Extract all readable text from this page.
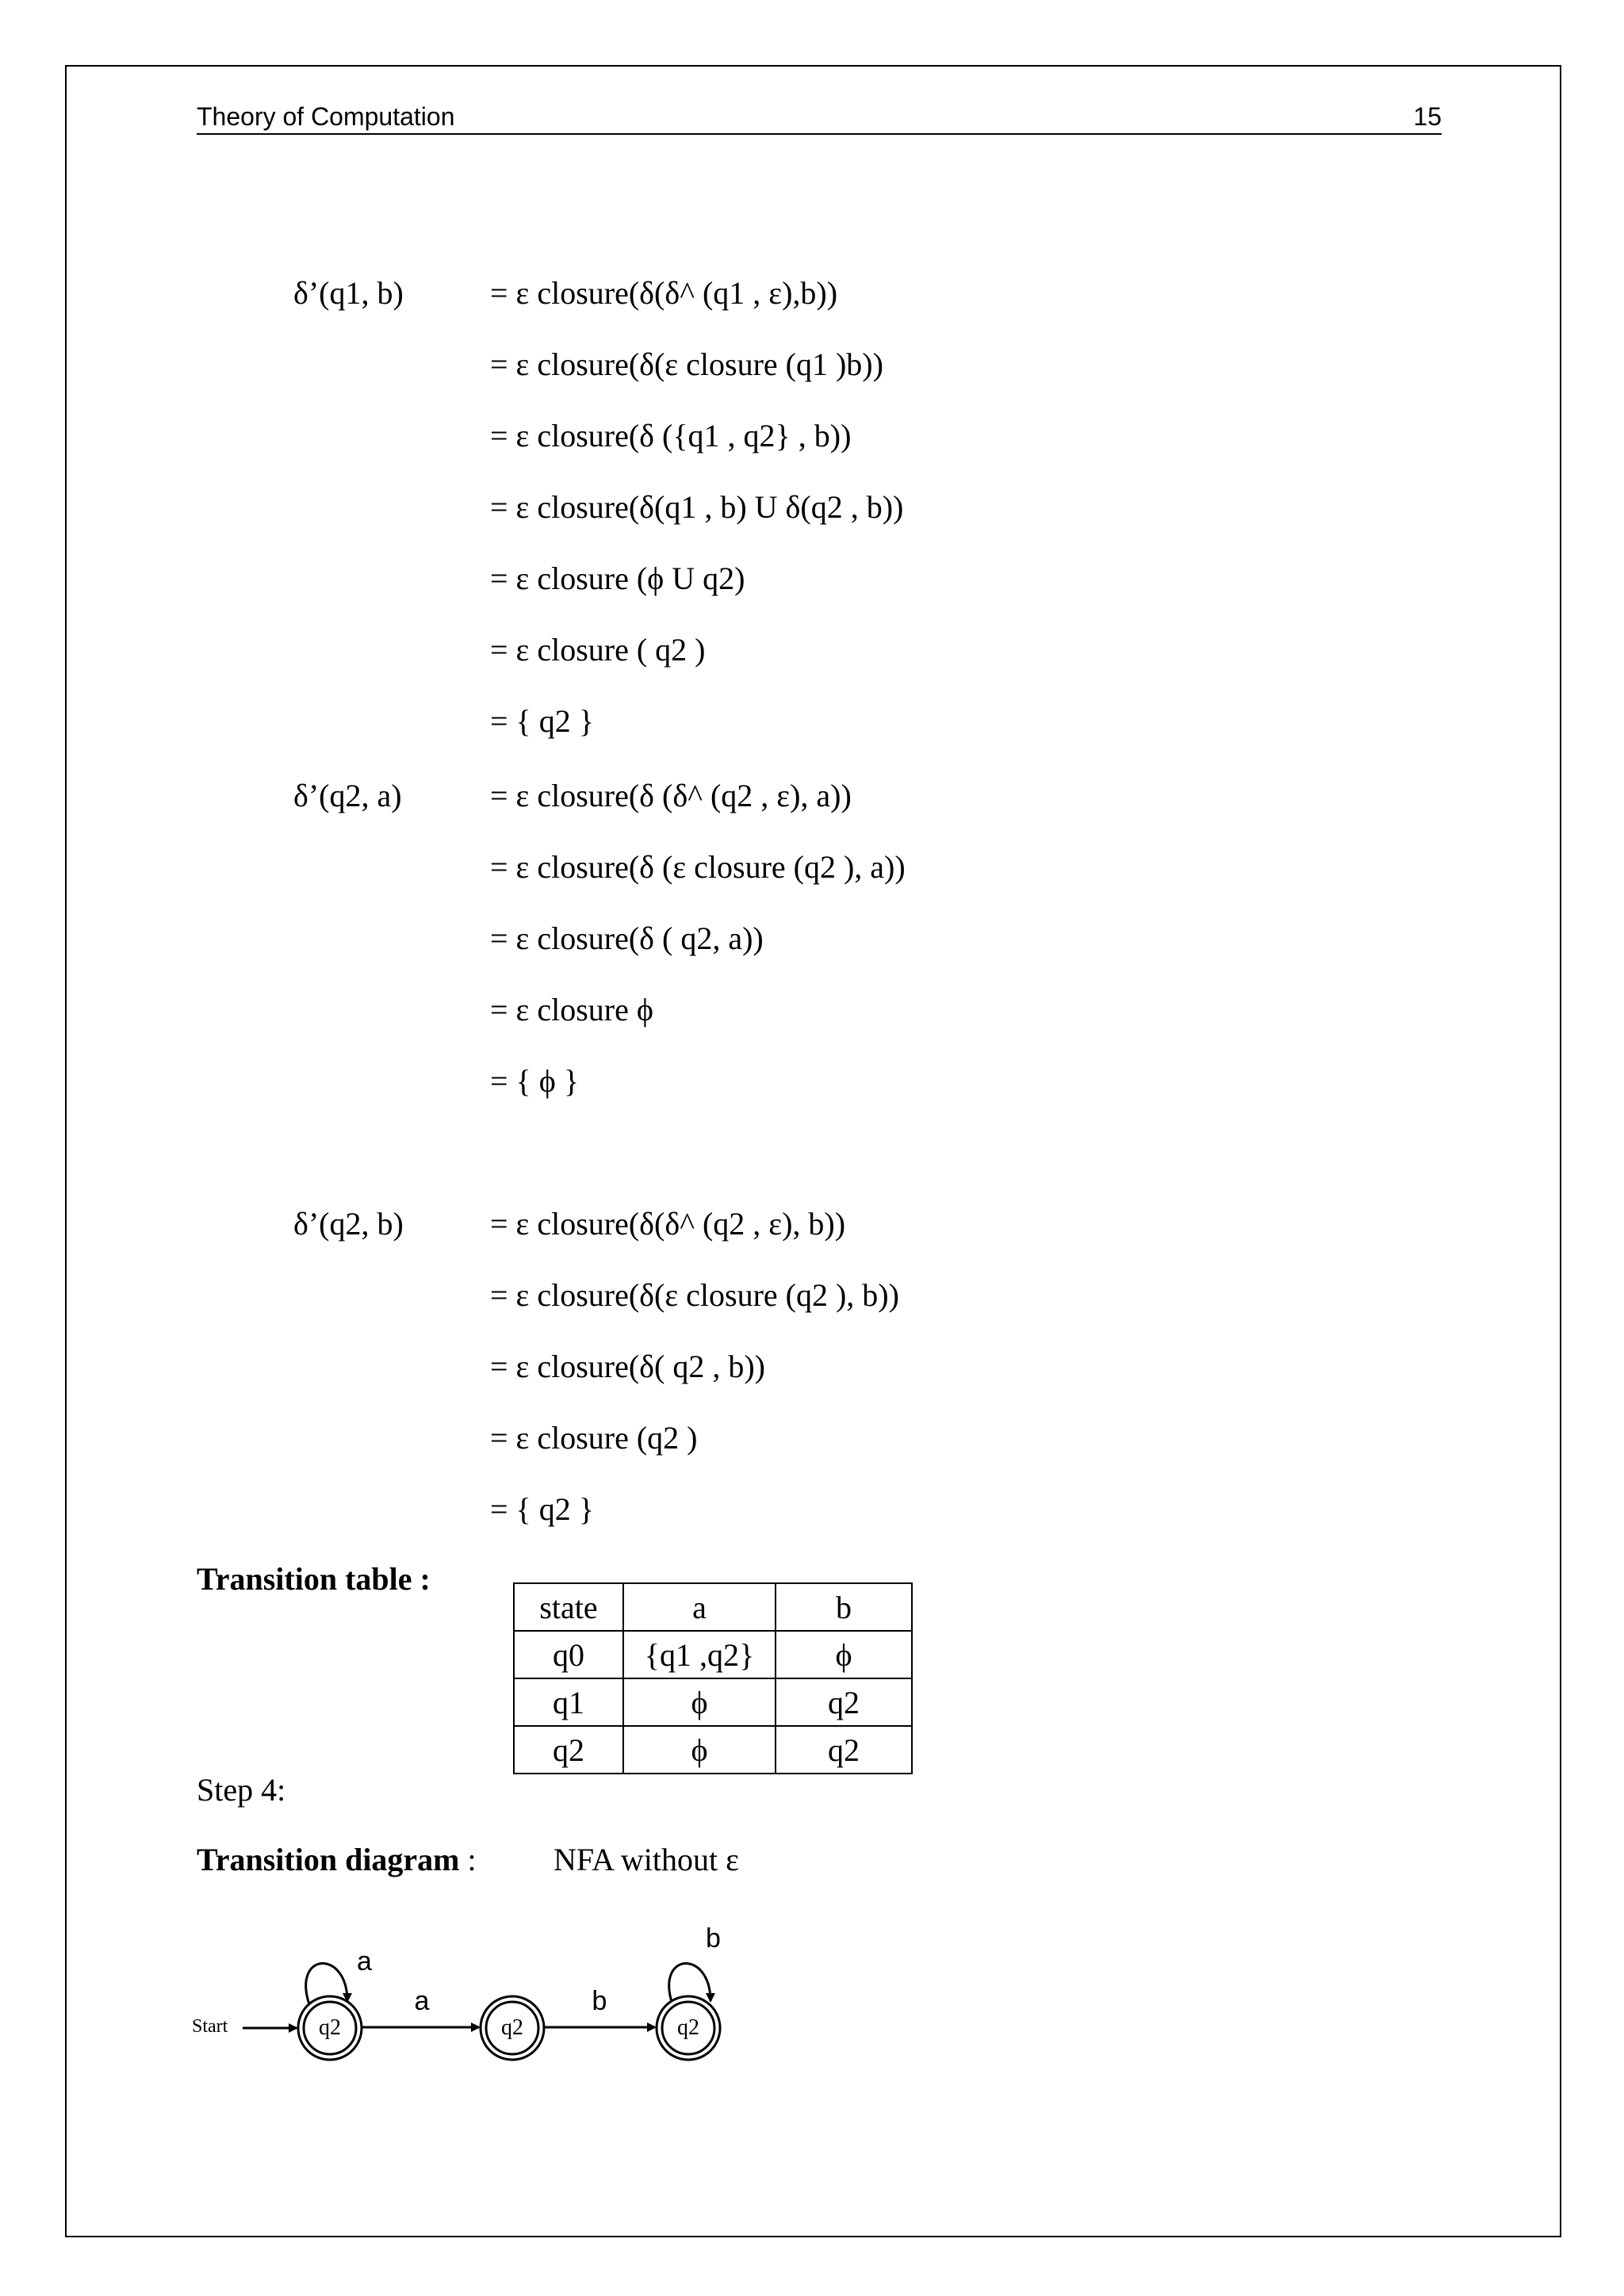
Theory of Computation	15
δ’(q1, b)	= ε closure(δ(δ^ (q1 , ε),b))
= ε closure(δ(ε closure (q1 )b))
= ε closure(δ ({q1 , q2} , b))
= ε closure(δ(q1 , b) U δ(q2 , b))
= ε closure (ϕ U q2)
= ε closure ( q2 )
= { q2 }
δ’(q2, a)	= ε closure(δ (δ^ (q2 , ε), a))
= ε closure(δ (ε closure (q2 ), a))
= ε closure(δ ( q2, a))
= ε closure ϕ
= { ϕ }
δ’(q2, b)	= ε closure(δ(δ^ (q2 , ε), b))
= ε closure(δ(ε closure (q2 ), b))
= ε closure(δ( q2 , b))
= ε closure (q2 )
= { q2 }
Transition table :
state	a	b
q0	{q1 ,q2}	ϕ
q1	ϕ	q2
q2	ϕ	q2
Step 4:
Transition diagram : NFA without ε
Start
a
q2
a
q2
b
b
q2
